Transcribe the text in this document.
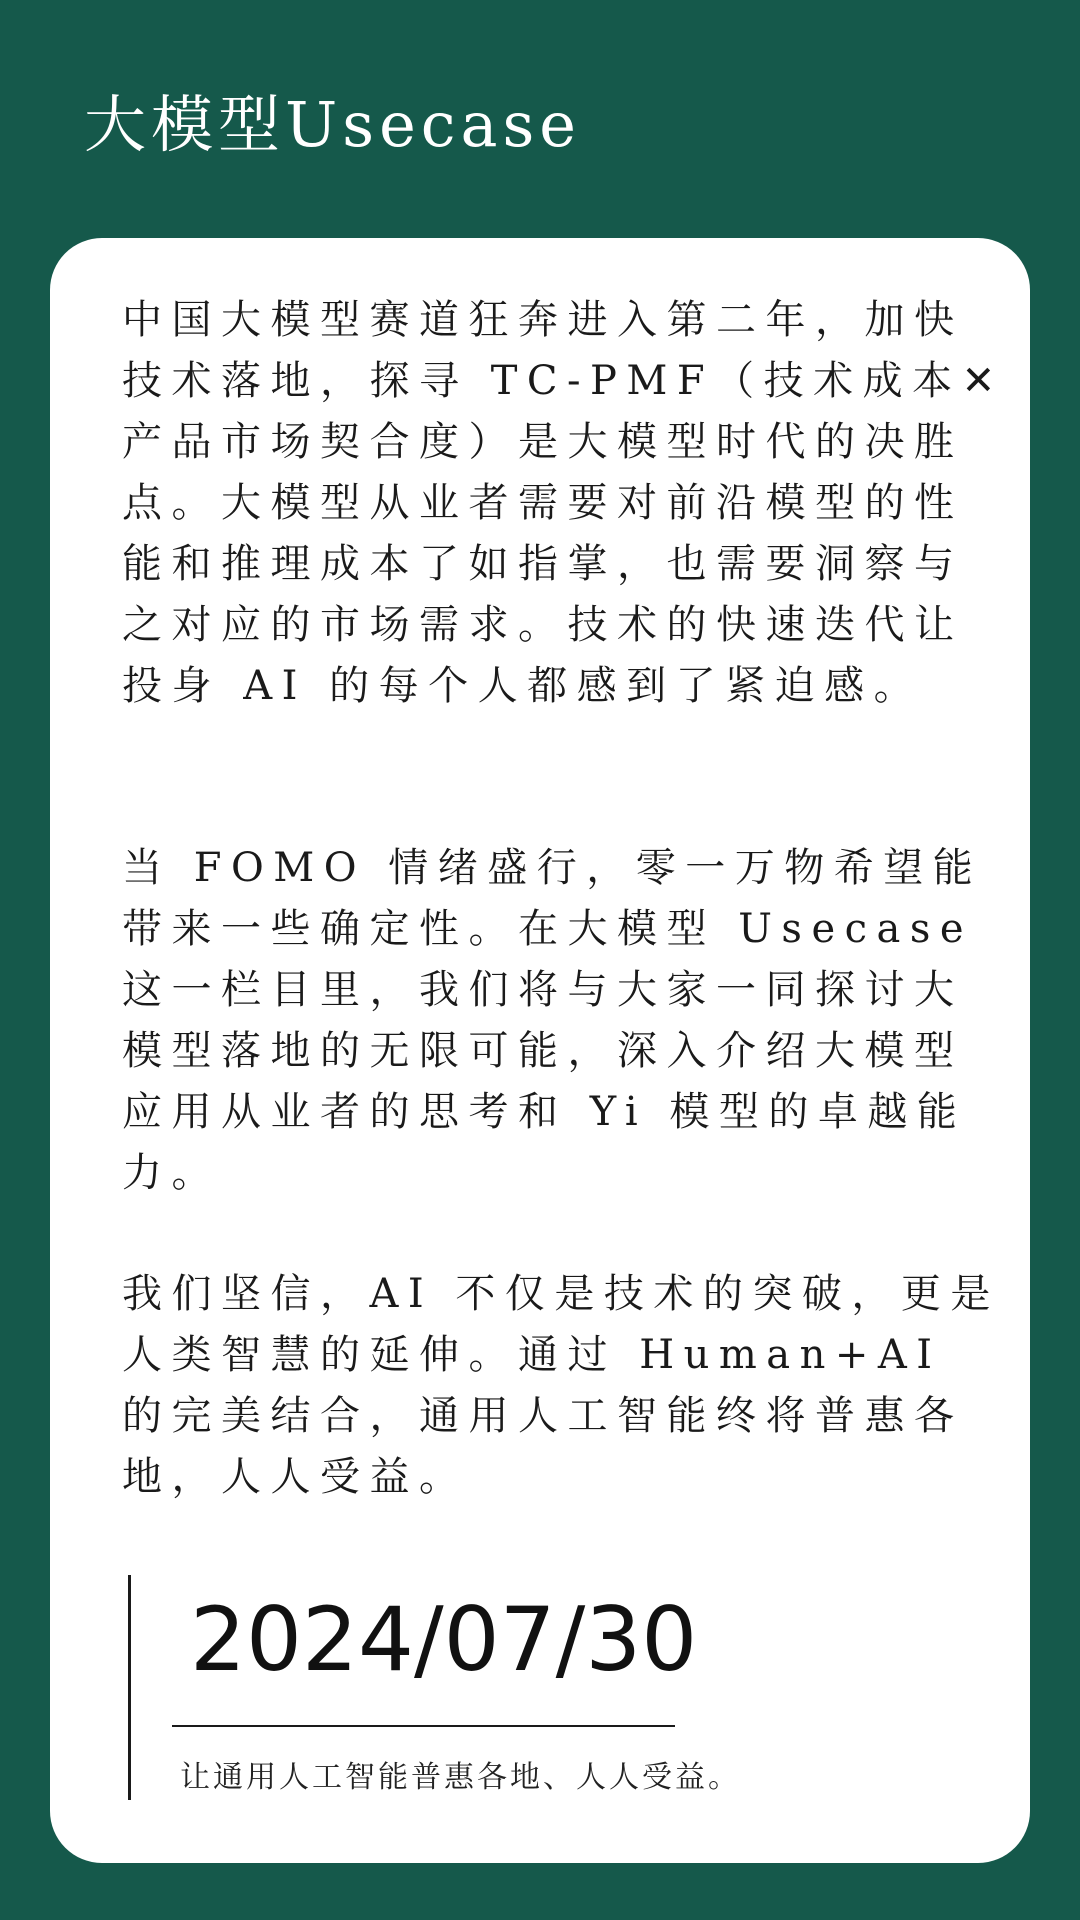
大模型Usecase

中国大模型赛道狂奔进入第二年，加快技术落地，探寻 TC-PMF（技术成本✕产品市场契合度）是大模型时代的决胜点。大模型从业者需要对前沿模型的性能和推理成本了如指掌，也需要洞察与之对应的市场需求。技术的快速迭代让投身 AI 的每个人都感到了紧迫感。

当 FOMO 情绪盛行，零一万物希望能带来一些确定性。在大模型 Usecase 这一栏目里，我们将与大家一同探讨大模型落地的无限可能，深入介绍大模型应用从业者的思考和 Yi 模型的卓越能力。

我们坚信，AI 不仅是技术的突破，更是人类智慧的延伸。通过 Human+AI 的完美结合，通用人工智能终将普惠各地，人人受益。

2024/07/30
让通用人工智能普惠各地、人人受益。
